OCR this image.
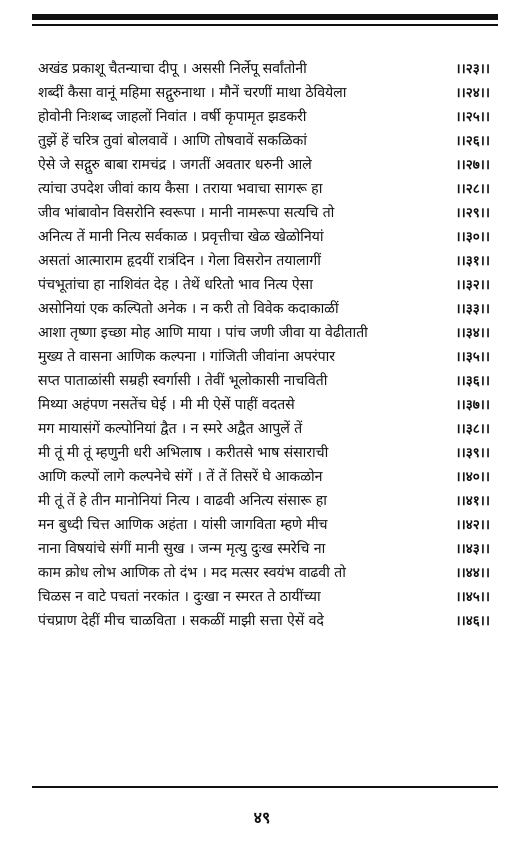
अखंड प्रकाशू चैतन्याचा दीपू । अससी निर्लेपू सर्वांतोनी	।।२३।।
शब्दीं कैसा वानूं महिमा सद्गुरुनाथा । मौनें चरणीं माथा ठेवियेला	।।२४।।
होवोनी निःशब्द जाहलों निवांत । वर्षी कृपामृत झडकरी	।।२५।।
तुझें हें चरित्र तुवां बोलवावें । आणि तोषवावें सकळिकां	।।२६।।
ऐसे जे सद्गुरु बाबा रामचंद्र । जगतीं अवतार धरुनी आले	।।२७।।
त्यांचा उपदेश जीवां काय कैसा । तराया भवाचा सागरू हा	।।२८।।
जीव भांबावोन विसरोनि स्वरूपा । मानी नामरूपा सत्यचि तो	।।२९।।
अनित्य तें मानी नित्य सर्वकाळ । प्रवृत्तीचा खेळ खेळोनियां	।।३०।।
असतां आत्माराम हृदयीं रात्रंदिन । गेला विसरोन तयालागीं	।।३१।।
पंचभूतांचा हा नाशिवंत देह । तेथें धरितो भाव नित्य ऐसा	।।३२।।
असोनियां एक कल्पितो अनेक । न करी तो विवेक कदाकाळीं	।।३३।।
आशा तृष्णा इच्छा मोह आणि माया । पांच जणी जीवा या वेढीताती	।।३४।।
मुख्य ते वासना आणिक कल्पना । गांजिती जीवांना अपरंपार	।।३५।।
सप्त पाताळांसी सम्रही स्वर्गासी । तेवीं भूलोकासी नाचविती	।।३६।।
मिथ्या अहंपण नसतेंच घेई । मी मी ऐसें पाहीं वदतसे	।।३७।।
मग मायासंगें कल्पोनियां द्वैत । न स्मरे अद्वैत आपुलें तें	।।३८।।
मी तूं मी तूं म्हणुनी धरी अभिलाष । करीतसे भाष संसाराची	।।३९।।
आणि कल्पों लागे कल्पनेचे संगें । तें तें तिसरें घे आकळोन	।।४०।।
मी तूं तें हे तीन मानोनियां नित्य । वाढवी अनित्य संसारू हा	।।४१।।
मन बुध्दी चित्त आणिक अहंता । यांसी जागविता म्हणे मीच	।।४२।।
नाना विषयांचे संगीं मानी सुख । जन्म मृत्यु दुःख स्मरेचि ना	।।४३।।
काम क्रोध लोभ आणिक तो दंभ । मद मत्सर स्वयंभ वाढवी तो	।।४४।।
चिळस न वाटे पचतां नरकांत । दुःखा न स्मरत ते ठायींच्या	।।४५।।
पंचप्राण देहीं मीच चाळविता । सकळीं माझी सत्ता ऐसें वदे	।।४६।।
४९
